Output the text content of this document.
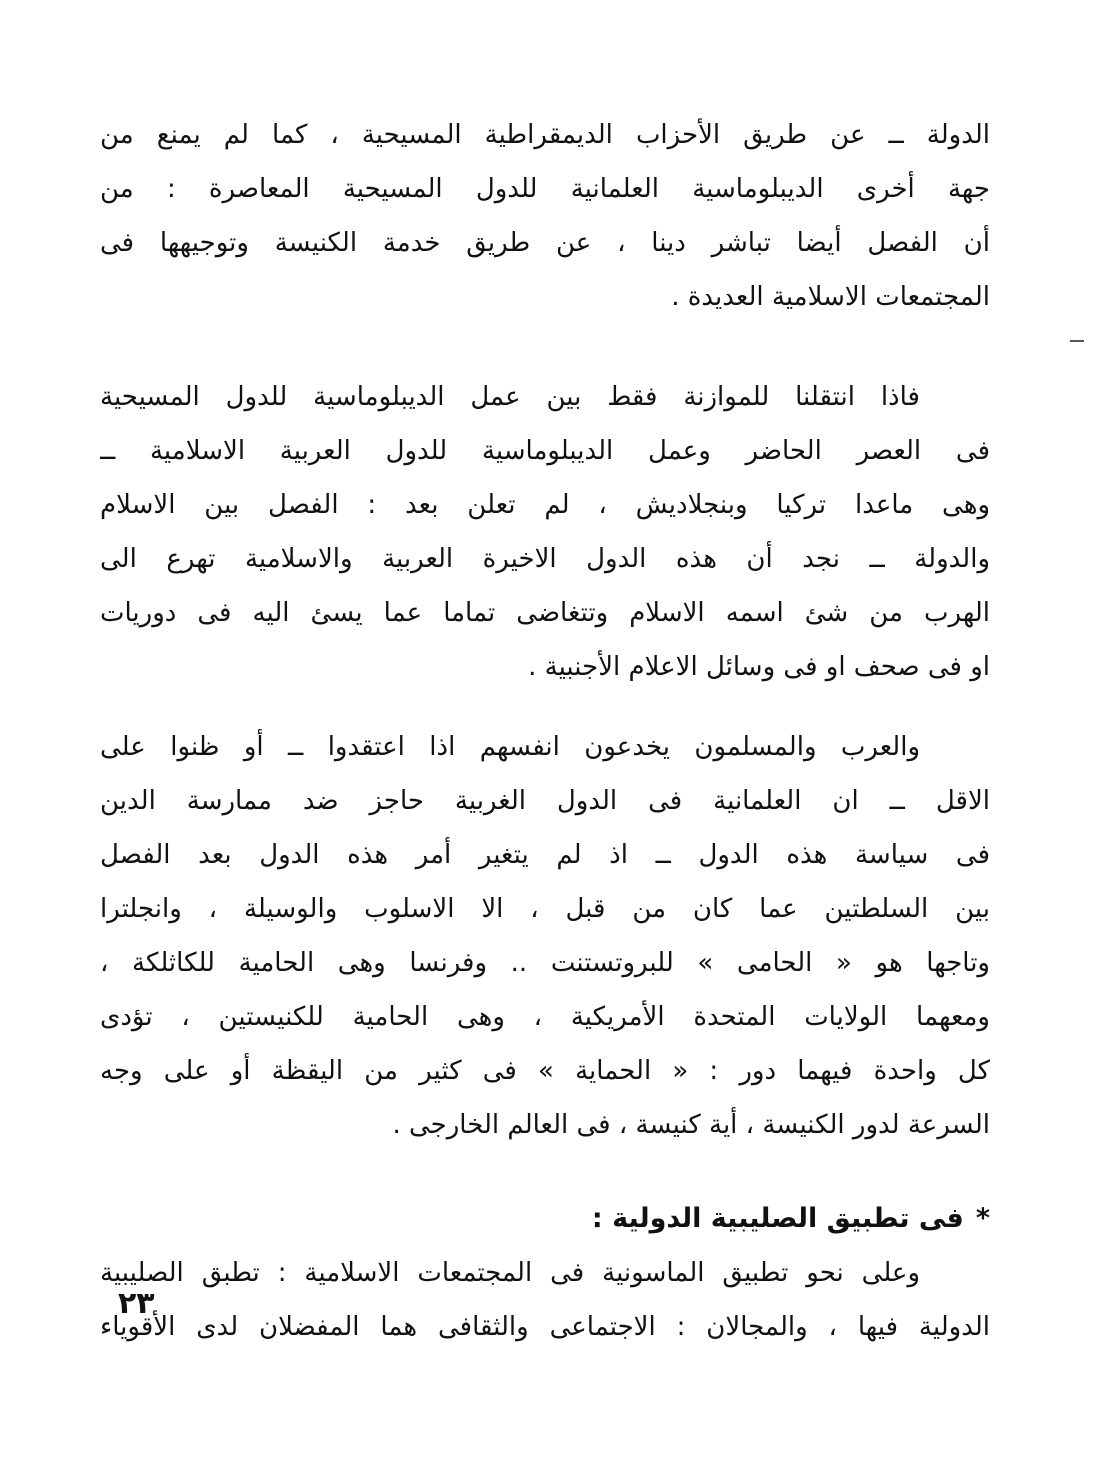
الدولة ــ عن طريق الأحزاب الديمقراطية المسيحية ، كما لم يمنع من
جهة أخرى الديبلوماسية العلمانية للدول المسيحية المعاصرة : من
أن الفصل أيضا تباشر دينا ، عن طريق خدمة الكنيسة وتوجيهها فى
المجتمعات الاسلامية العديدة .
فاذا انتقلنا للموازنة فقط بين عمل الديبلوماسية للدول المسيحية
فى العصر الحاضر وعمل الديبلوماسية للدول العربية الاسلامية ــ
وهى ماعدا تركيا وبنجلاديش ، لم تعلن بعد : الفصل بين الاسلام
والدولة ــ نجد أن هذه الدول الاخيرة العربية والاسلامية تهرع الى
الهرب من شئ اسمه الاسلام وتتغاضى تماما عما يسئ اليه فى دوريات
او فى صحف او فى وسائل الاعلام الأجنبية .
والعرب والمسلمون يخدعون انفسهم اذا اعتقدوا ــ أو ظنوا على
الاقل ــ ان العلمانية فى الدول الغربية حاجز ضد ممارسة الدين
فى سياسة هذه الدول ــ اذ لم يتغير أمر هذه الدول بعد الفصل
بين السلطتين عما كان من قبل ، الا الاسلوب والوسيلة ، وانجلترا
وتاجها هو « الحامى » للبروتستنت .. وفرنسا وهى الحامية للكاثلكة ،
ومعهما الولايات المتحدة الأمريكية ، وهى الحامية للكنيستين ، تؤدى
كل واحدة فيهما دور : « الحماية » فى كثير من اليقظة أو على وجه
السرعة لدور الكنيسة ، أية كنيسة ، فى العالم الخارجى .
*فى تطبيق الصليبية الدولية :
وعلى نحو تطبيق الماسونية فى المجتمعات الاسلامية : تطبق الصليبية
الدولية فيها ، والمجالان : الاجتماعى والثقافى هما المفضلان لدى الأقوياء
٢٣
